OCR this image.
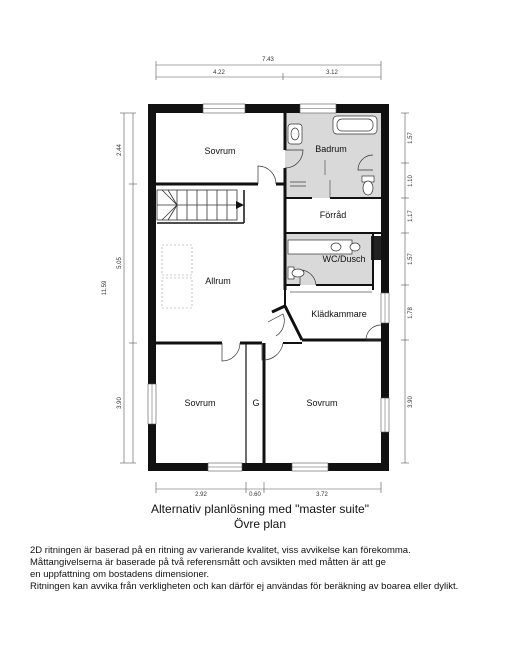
Sovrum	Badrum
Förråd
WC/Dusch
Allrum
Klädkammare
Sovrum	G	Sovrum
7.43
4.22	3.12
2.44
5.05
3.90
11.59
1.57
1.10
1.17
1.57
1.78
3.90
2.92	0.60	3.72
Alternativ planlösning med "master suite"
Övre plan
2D ritningen är baserad på en ritning av varierande kvalitet, viss avvikelse kan förekomma.
Måttangivelserna är baserade på två referensmått och avsikten med måtten är att ge
en uppfattning om bostadens dimensioner.
Ritningen kan avvika från verkligheten och kan därför ej användas för beräkning av boarea eller dylikt.
